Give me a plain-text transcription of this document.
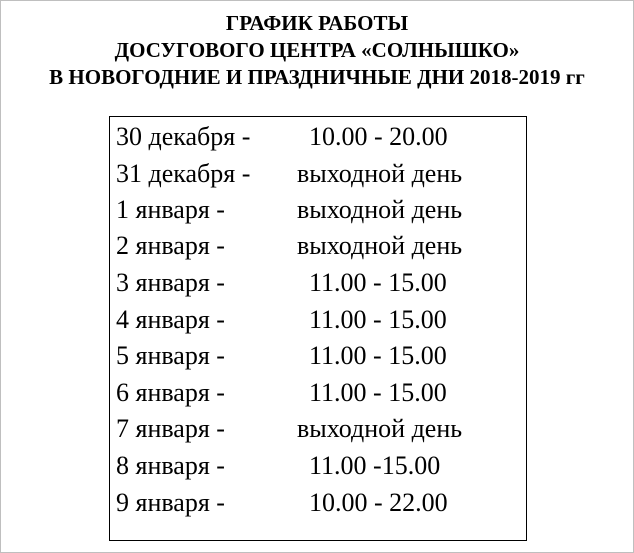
ГРАФИК РАБОТЫ
ДОСУГОВОГО ЦЕНТРА «СОЛНЫШКО»
В НОВОГОДНИЕ И ПРАЗДНИЧНЫЕ ДНИ 2018-2019 гг
30 декабря - 10.00 - 20.00
31 декабря - выходной день
1 января -	выходной день
2 января -	выходной день
3 января -	11.00 - 15.00
4 января -	11.00 - 15.00
5 января -	11.00 - 15.00
6 января -	11.00 - 15.00
7 января -	выходной день
8 января -	11.00 -15.00
9 января -	10.00 - 22.00
